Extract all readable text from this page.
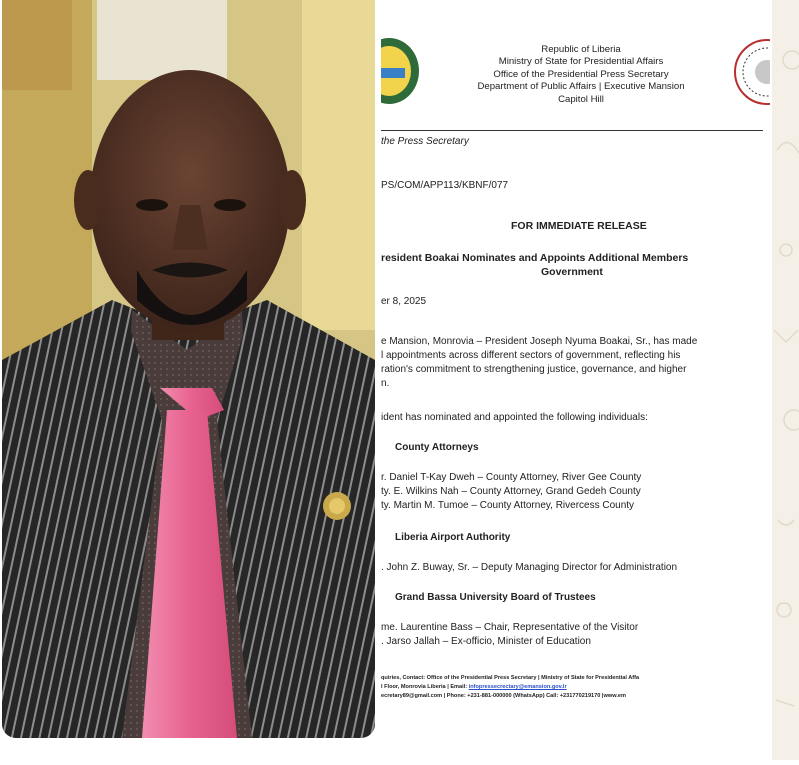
Republic of Liberia
Ministry of State for Presidential Affairs
Office of the Presidential Press Secretary
Department of Public Affairs | Executive Mansion
Capitol Hill
the Press Secretary
PS/COM/APP113/KBNF/077
FOR IMMEDIATE RELEASE
resident Boakai Nominates and Appoints Additional Members
Government
er 8, 2025
e Mansion, Monrovia – President Joseph Nyuma Boakai, Sr., has made
l appointments across different sectors of government, reflecting his
ration's commitment to strengthening justice, governance, and higher
n.
ident has nominated and appointed the following individuals:
County Attorneys
r. Daniel T-Kay Dweh – County Attorney, River Gee County
ty. E. Wilkins Nah – County Attorney, Grand Gedeh County
ty. Martin M. Tumoe – County Attorney, Rivercess County
Liberia Airport Authority
. John Z. Buway, Sr. – Deputy Managing Director for Administration
Grand Bassa University Board of Trustees
me. Laurentine Bass – Chair, Representative of the Visitor
. Jarso Jallah – Ex-officio, Minister of Education
quiries, Contact: Office of the Presidential Press Secretary | Ministry of State for Presidential Affa
l Floor, Monrovia Liberia | Email: infopressecrectary@emansion.gov.lr
ecretary89@gmail.com | Phone: +231-881-000000 (WhatsApp) Call: +231770219170 |www.em
